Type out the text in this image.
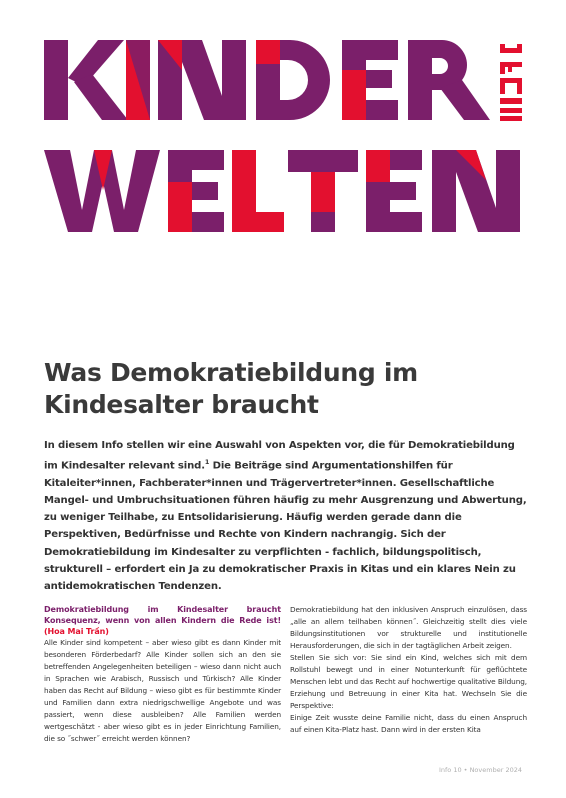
Was Demokratiebildung im
Kindesalter braucht

In diesem Info stellen wir eine Auswahl von Aspekten vor, die für Demokratiebildung im Kindesalter relevant sind.$^1$ Die Beiträge sind Argumentationshilfen für Kitaleiter*innen, Fachberater*innen und Trägervertreter*innen. Gesellschaftliche Mangel- und Umbruchsituationen führen häufig zu mehr Ausgrenzung und Abwertung, zu weniger Teilhabe, zu Entsolidarisierung. Häufig werden gerade dann die Perspektiven, Bedürfnisse und Rechte von Kindern nachrangig. Sich der Demokratiebildung im Kindesalter zu verpflichten - fachlich, bildungspolitisch, strukturell – erfordert ein Ja zu demokratischer Praxis in Kitas und ein klares Nein zu antidemokratischen Tendenzen.

Demokratiebildung im Kindesalter braucht Konsequenz, wenn von allen Kindern die Rede ist! (Hoa Mai Trần)

Alle Kinder sind kompetent – aber wieso gibt es dann Kinder mit besonderen Förderbedarf? Alle Kinder sollen sich an den sie betreffenden Angelegenheiten beteiligen – wieso dann nicht auch in Sprachen wie Arabisch, Russisch und Türkisch? Alle Kinder haben das Recht auf Bildung – wieso gibt es für bestimmte Kinder und Familien dann extra niedrigschwellige Angebote und was passiert, wenn diese ausbleiben? Alle Familien werden wertgeschätzt - aber wieso gibt es in jeder Einrichtung Familien, die so ˝schwer˝ erreicht werden können?

Demokratiebildung hat den inklusiven Anspruch einzulösen, dass „alle an allem teilhaben können˝. Gleichzeitig stellt dies viele Bildungsinstitutionen vor strukturelle und institutionelle Herausforderungen, die sich in der tagtäglichen Arbeit zeigen.

Stellen Sie sich vor: Sie sind ein Kind, welches sich mit dem Rollstuhl bewegt und in einer Notunterkunft für geflüchtete Menschen lebt und das Recht auf hochwertige qualitative Bildung, Erziehung und Betreuung in einer Kita hat. Wechseln Sie die Perspektive:

Einige Zeit wusste deine Familie nicht, dass du einen Anspruch auf einen Kita-Platz hast. Dann wird in der ersten Kita

Info 10 • November 2024
